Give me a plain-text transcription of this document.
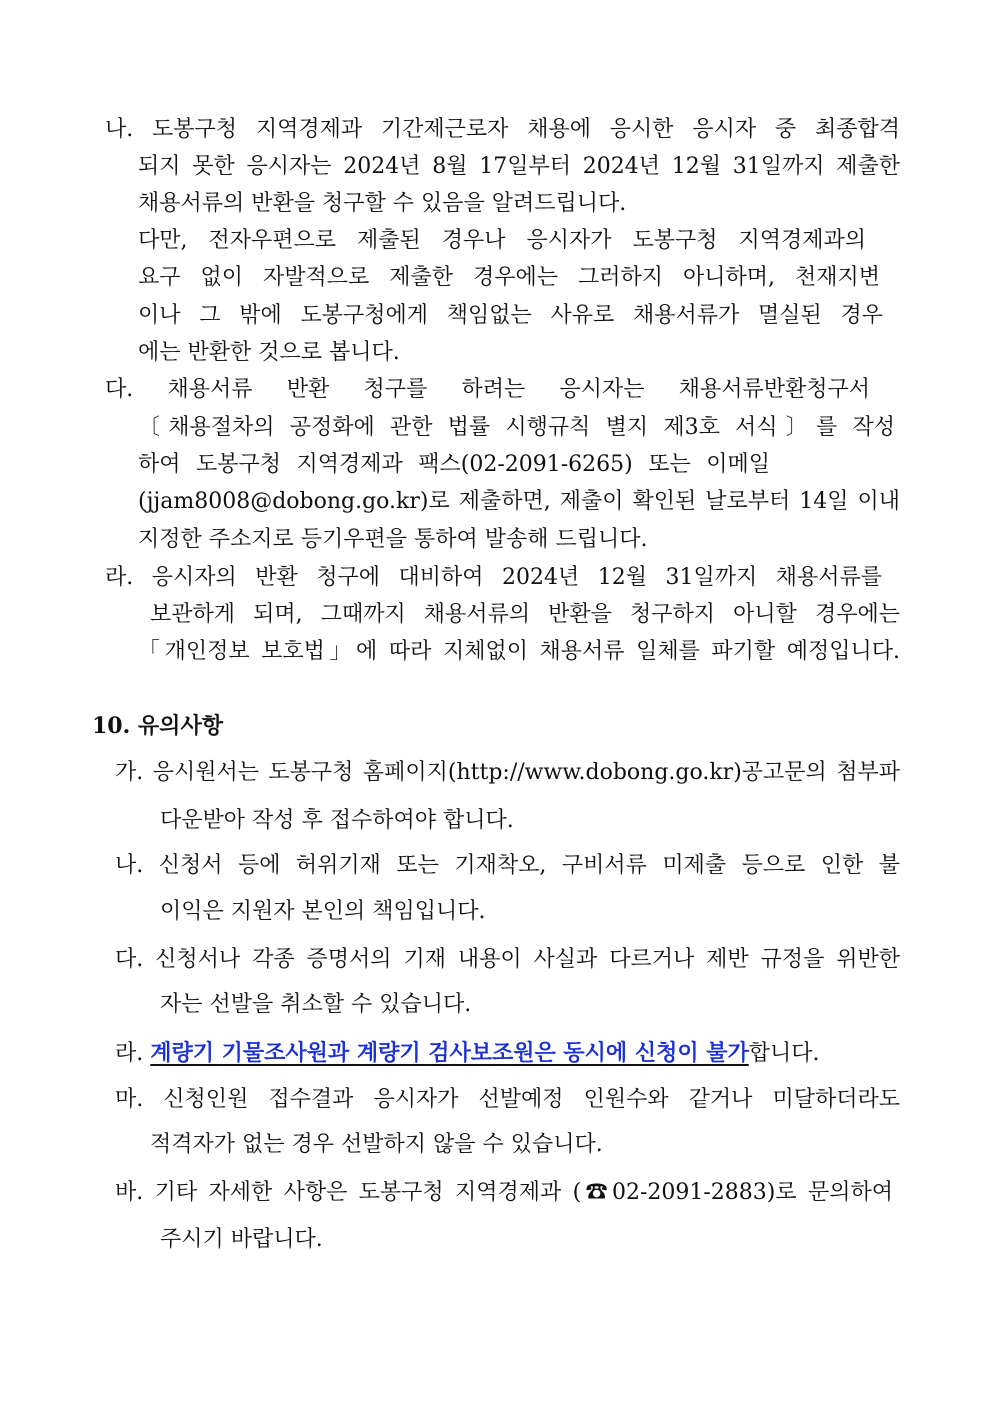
나. 도봉구청 지역경제과 기간제근로자 채용에 응시한 응시자 중 최종합격
되지 못한 응시자는 2024년 8월 17일부터 2024년 12월 31일까지 제출한
채용서류의 반환을 청구할 수 있음을 알려드립니다.
다만, 전자우편으로 제출된 경우나 응시자가 도봉구청 지역경제과의
요구 없이 자발적으로 제출한 경우에는 그러하지 아니하며, 천재지변
이나 그 밖에 도봉구청에게 책임없는 사유로 채용서류가 멸실된 경우
에는 반환한 것으로 봅니다.
다. 채용서류 반환 청구를 하려는 응시자는 채용서류반환청구서
〔채용절차의 공정화에 관한 법률 시행규칙 별지 제3호 서식〕를 작성
하여 도봉구청 지역경제과 팩스(02-2091-6265) 또는 이메일
(jjam8008@dobong.go.kr)로 제출하면, 제출이 확인된 날로부터 14일 이내
지정한 주소지로 등기우편을 통하여 발송해 드립니다.
라. 응시자의 반환 청구에 대비하여 2024년 12월 31일까지 채용서류를
보관하게 되며, 그때까지 채용서류의 반환을 청구하지 아니할 경우에는
「개인정보 보호법」에 따라 지체없이 채용서류 일체를 파기할 예정입니다.
10. 유의사항
가. 응시원서는 도봉구청 홈페이지(http://www.dobong.go.kr)공고문의 첨부파
다운받아 작성 후 접수하여야 합니다.
나. 신청서 등에 허위기재 또는 기재착오, 구비서류 미제출 등으로 인한 불
이익은 지원자 본인의 책임입니다.
다. 신청서나 각종 증명서의 기재 내용이 사실과 다르거나 제반 규정을 위반한
자는 선발을 취소할 수 있습니다.
라. 계량기 기물조사원과 계량기 검사보조원은 동시에 신청이 불가합니다.
마. 신청인원 접수결과 응시자가 선발예정 인원수와 같거나 미달하더라도
적격자가 없는 경우 선발하지 않을 수 있습니다.
바. 기타 자세한 사항은 도봉구청 지역경제과 (☎02-2091-2883)로 문의하여
주시기 바랍니다.
